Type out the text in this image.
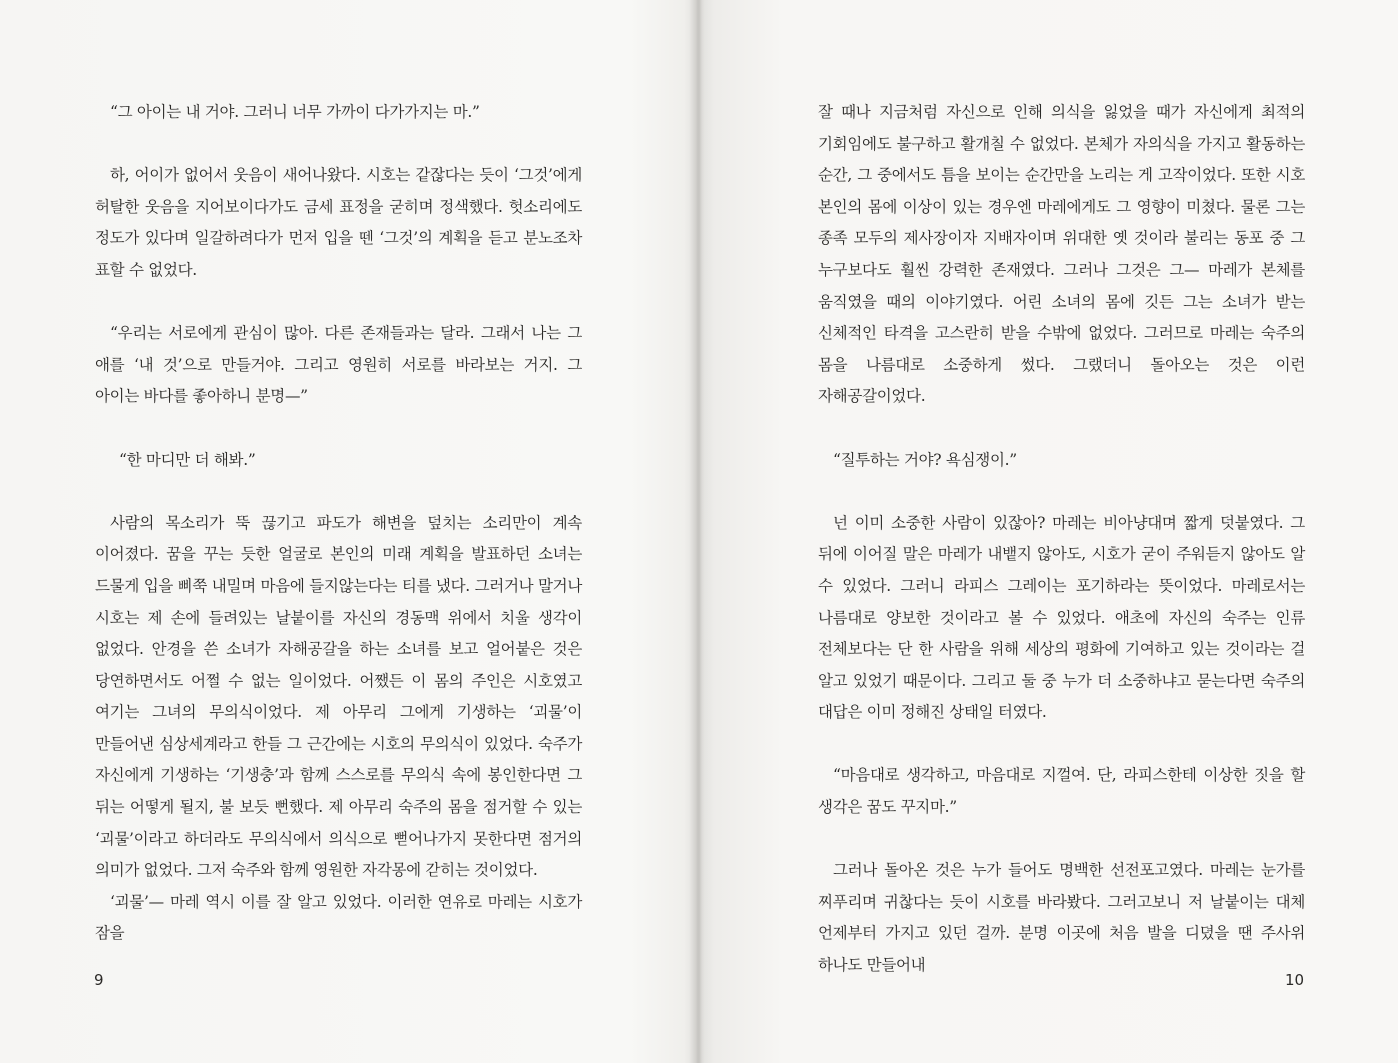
“그 아이는 내 거야. 그러니 너무 가까이 다가가지는 마.”

하, 어이가 없어서 웃음이 새어나왔다. 시호는 같잖다는 듯이 ‘그것’에게 허탈한 웃음을 지어보이다가도 금세 표정을 굳히며 정색했다. 헛소리에도 정도가 있다며 일갈하려다가 먼저 입을 뗀 ‘그것’의 계획을 듣고 분노조차 표할 수 없었다.

“우리는 서로에게 관심이 많아. 다른 존재들과는 달라. 그래서 나는 그 애를 ‘내 것’으로 만들거야. 그리고 영원히 서로를 바라보는 거지. 그 아이는 바다를 좋아하니 분명—”

“한 마디만 더 해봐.”

사람의 목소리가 뚝 끊기고 파도가 해변을 덮치는 소리만이 계속 이어졌다. 꿈을 꾸는 듯한 얼굴로 본인의 미래 계획을 발표하던 소녀는 드물게 입을 삐쭉 내밀며 마음에 들지않는다는 티를 냈다. 그러거나 말거나 시호는 제 손에 들려있는 날붙이를 자신의 경동맥 위에서 치울 생각이 없었다. 안경을 쓴 소녀가 자해공갈을 하는 소녀를 보고 얼어붙은 것은 당연하면서도 어쩔 수 없는 일이었다. 어쨌든 이 몸의 주인은 시호였고 여기는 그녀의 무의식이었다. 제 아무리 그에게 기생하는 ‘괴물’이 만들어낸 심상세계라고 한들 그 근간에는 시호의 무의식이 있었다. 숙주가 자신에게 기생하는 ‘기생충’과 함께 스스로를 무의식 속에 봉인한다면 그 뒤는 어떻게 될지, 불 보듯 뻔했다. 제 아무리 숙주의 몸을 점거할 수 있는 ‘괴물’이라고 하더라도 무의식에서 의식으로 뻗어나가지 못한다면 점거의 의미가 없었다. 그저 숙주와 함께 영원한 자각몽에 갇히는 것이었다.

‘괴물’— 마레 역시 이를 잘 알고 있었다. 이러한 연유로 마레는 시호가 잠을

9

잘 때나 지금처럼 자신으로 인해 의식을 잃었을 때가 자신에게 최적의 기회임에도 불구하고 활개칠 수 없었다. 본체가 자의식을 가지고 활동하는 순간, 그 중에서도 틈을 보이는 순간만을 노리는 게 고작이었다. 또한 시호 본인의 몸에 이상이 있는 경우엔 마레에게도 그 영향이 미쳤다. 물론 그는 종족 모두의 제사장이자 지배자이며 위대한 옛 것이라 불리는 동포 중 그 누구보다도 훨씬 강력한 존재였다. 그러나 그것은 그— 마레가 본체를 움직였을 때의 이야기였다. 어린 소녀의 몸에 깃든 그는 소녀가 받는 신체적인 타격을 고스란히 받을 수밖에 없었다. 그러므로 마레는 숙주의 몸을 나름대로 소중하게 썼다. 그랬더니 돌아오는 것은 이런 자해공갈이었다.

“질투하는 거야? 욕심쟁이.”

넌 이미 소중한 사람이 있잖아? 마레는 비아냥대며 짧게 덧붙였다. 그 뒤에 이어질 말은 마레가 내뱉지 않아도, 시호가 굳이 주워듣지 않아도 알 수 있었다. 그러니 라피스 그레이는 포기하라는 뜻이었다. 마레로서는 나름대로 양보한 것이라고 볼 수 있었다. 애초에 자신의 숙주는 인류 전체보다는 단 한 사람을 위해 세상의 평화에 기여하고 있는 것이라는 걸 알고 있었기 때문이다. 그리고 둘 중 누가 더 소중하냐고 묻는다면 숙주의 대답은 이미 정해진 상태일 터였다.

“마음대로 생각하고, 마음대로 지껄여. 단, 라피스한테 이상한 짓을 할 생각은 꿈도 꾸지마.”

그러나 돌아온 것은 누가 들어도 명백한 선전포고였다. 마레는 눈가를 찌푸리며 귀찮다는 듯이 시호를 바라봤다. 그러고보니 저 날붙이는 대체 언제부터 가지고 있던 걸까. 분명 이곳에 처음 발을 디뎠을 땐 주사위 하나도 만들어내

10
